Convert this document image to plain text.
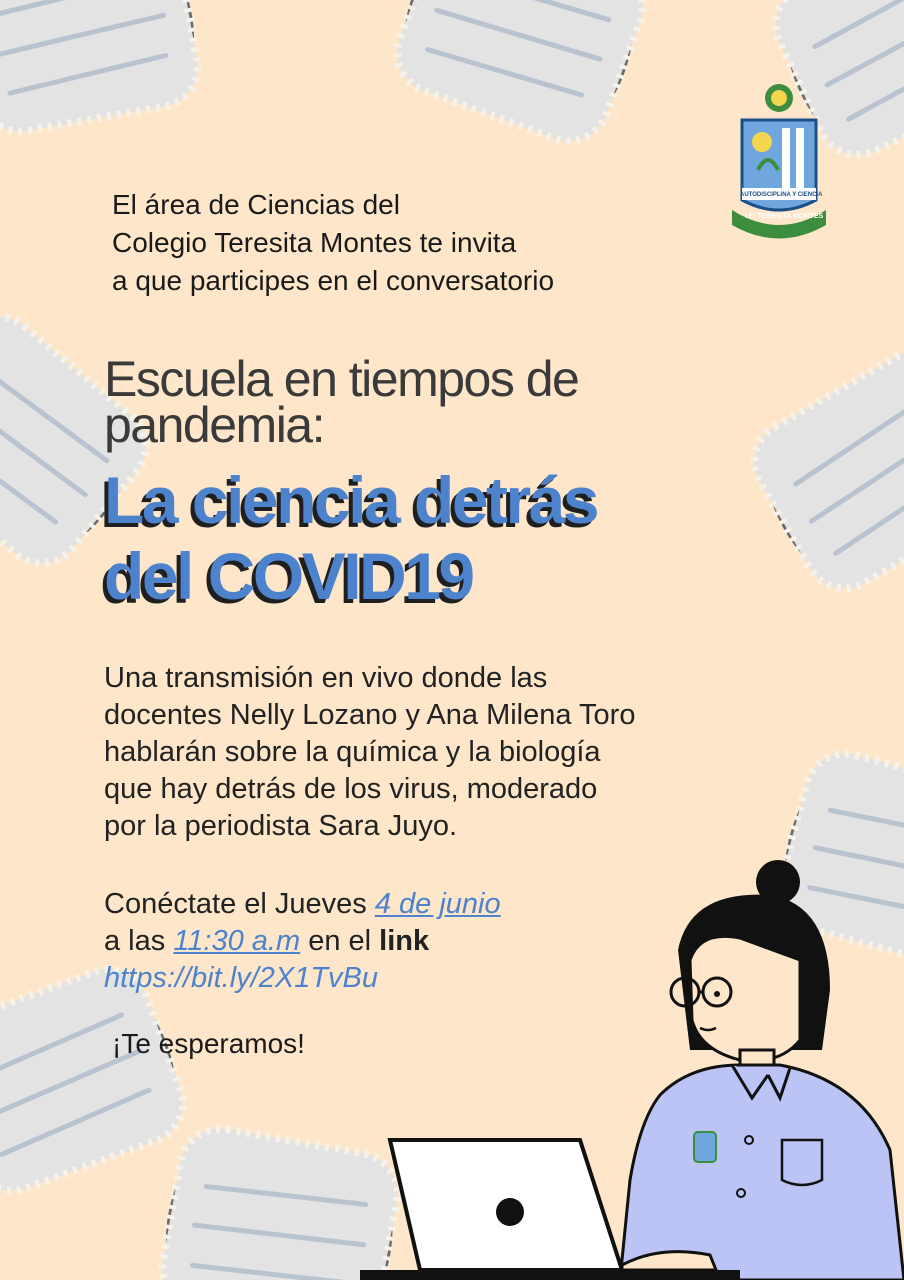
AUTODISCIPLINA Y CIENCIA
I.E. TERESITA MONTES
El área de Ciencias del
Colegio Teresita Montes te invita
a que participes en el conversatorio
Escuela en tiempos de
pandemia:
La ciencia detrás
del COVID19
Una transmisión en vivo donde las
docentes Nelly Lozano y Ana Milena Toro
hablarán sobre la química y la biología
que hay detrás de los virus, moderado
por la periodista Sara Juyo.
Conéctate el Jueves 4 de junio
a las 11:30 a.m en el link
https://bit.ly/2X1TvBu
¡Te esperamos!
